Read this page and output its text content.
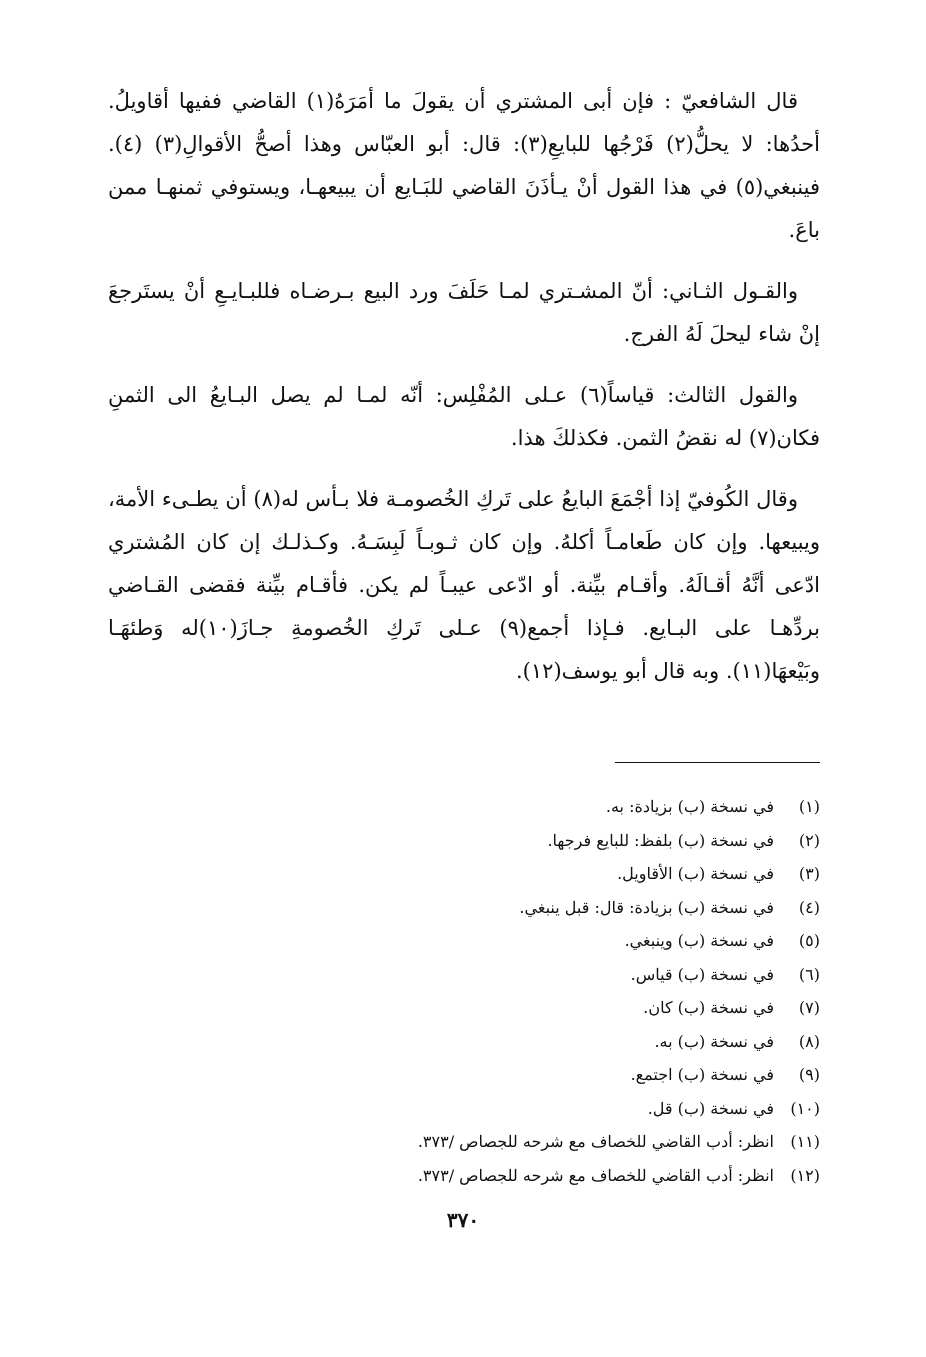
قال الشافعيّ : فإن أبى المشتري أن يقولَ ما أمَرَهُ(١) القاضي ففيها أقاويلُ. أحدُها: لا يحلُّ(٢) فَرْجُها للبايعِ(٣): قال: أبو العبّاس وهذا أصحُّ الأقوالِ(٣) (٤). فينبغي(٥) في هذا القول أنْ يـأذَنَ القاضي للبَـايع أن يبيعهـا، ويستوفي ثمنهـا ممن باعَ.

والقـول الثـاني: أنّ المشـتري لمـا حَلَفَ ورد البيع بـرضـاه فللبـايـعِ أنْ يستَرجعَ إنْ شاء ليحلَ لَهُ الفرج.

والقول الثالث: قياساً(٦) عـلى المُفْلِس: أنّه لمـا لم يصل البـايعُ الى الثمنِ فكان(٧) له نقضُ الثمن. فكذلكَ هذا.

وقال الكُوفيّ إذا أجْمَعَ البايعُ على تَركِ الخُصومـة فلا بـأس له(٨) أن يطـىء الأمة، ويبيعها. وإن كان طَعامـاً أكلهُ. وإن كان ثـوبـاً لَبِسَـهُ. وكـذلـك إن كان المُشتري ادّعى أنَّهُ أقـالَهُ. وأقـام بيِّنة. أو ادّعى عيبـاً لم يكن. فأقـام بيِّنة فقضى القـاضي بردِّهـا على البـايع. فـإذا أجمع(٩) عـلى تَركِ الخُصومةِ جـازَ(١٠)له وَطئهَـا وبَيْعهَا(١١). وبه قال أبو يوسف(١٢).

(١)
في نسخة (ب) بزيادة: به.
(٢)
في نسخة (ب) بلفظ: للبايع فرجها.
(٣)
في نسخة (ب) الأقاويل.
(٤)
في نسخة (ب) بزيادة: قال: قبل ينبغي.
(٥)
في نسخة (ب) وينبغي.
(٦)
في نسخة (ب) قياس.
(٧)
في نسخة (ب) كان.
(٨)
في نسخة (ب) به.
(٩)
في نسخة (ب) اجتمع.
(١٠)
في نسخة (ب) قل.
(١١)
انظر: أدب القاضي للخصاف مع شرحه للجصاص /٣٧٣.
(١٢)
انظر: أدب القاضي للخصاف مع شرحه للجصاص /٣٧٣.
٣٧٠
